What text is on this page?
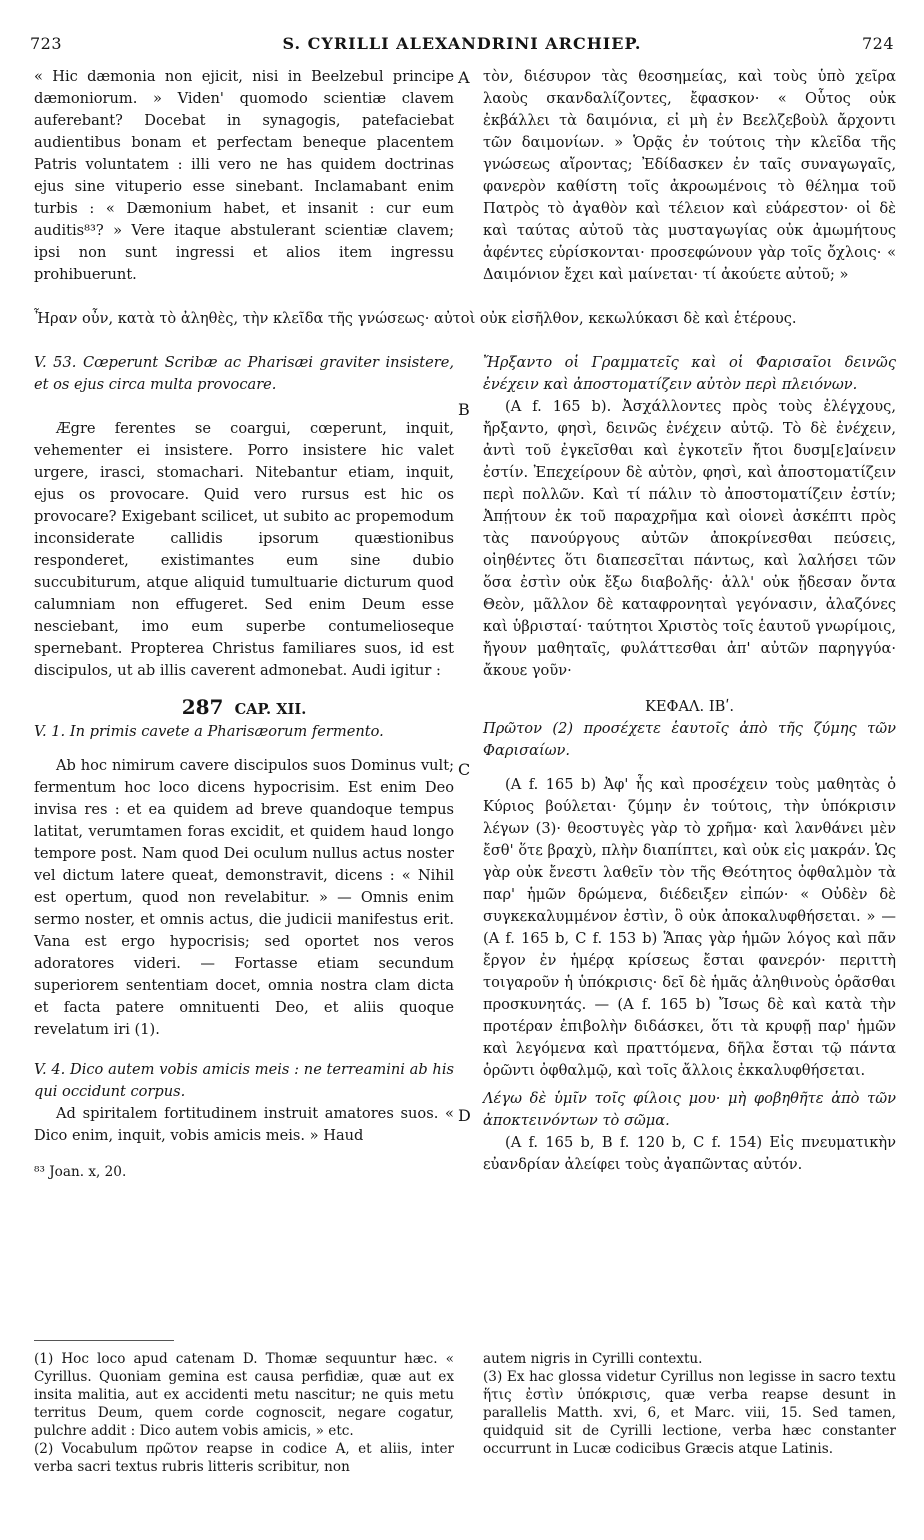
723	S. CYRILLI ALEXANDRINI ARCHIEP.	724
A
B
C
D

« Hic dæmonia non ejicit, nisi in Beelzebul principe dæmoniorum. » Viden' quomodo scientiæ clavem auferebant? Docebat in synagogis, patefaciebat audientibus bonam et perfectam beneque placentem Patris voluntatem : illi vero ne has quidem doctrinas ejus sine vituperio esse sinebant. Inclamabant enim turbis : « Dæmonium habet, et insanit : cur eum auditis⁸³? » Vere itaque abstulerant scientiæ clavem; ipsi non sunt ingressi et alios item ingressu prohibuerunt.

τὸν, διέσυρον τὰς θεοσημείας, καὶ τοὺς ὑπὸ χεῖρα λαοὺς σκανδαλίζοντες, ἔφασκον· « Οὗτος οὐκ ἐκβάλλει τὰ δαιμόνια, εἰ μὴ ἐν Βεελζεβοὺλ ἄρχοντι τῶν δαιμονίων. » Ὁρᾷς ἐν τούτοις τὴν κλεῖδα τῆς γνώσεως αἴροντας; Ἐδίδασκεν ἐν ταῖς συναγωγαῖς, φανερὸν καθίστη τοῖς ἀκροωμένοις τὸ θέλημα τοῦ Πατρὸς τὸ ἀγαθὸν καὶ τέλειον καὶ εὐάρεστον· οἱ δὲ καὶ ταύτας αὐτοῦ τὰς μυσταγωγίας οὐκ ἀμωμήτους ἀφέντες εὑρίσκονται· προσεφώνουν γὰρ τοῖς ὄχλοις· « Δαιμόνιον ἔχει καὶ μαίνεται· τί ἀκούετε αὐτοῦ; »

Ἦραν οὖν, κατὰ τὸ ἀληθὲς, τὴν κλεῖδα τῆς γνώσεως· αὐτοὶ οὐκ εἰσῆλθον, κεκωλύκασι δὲ καὶ ἑτέρους.

V. 53. Cœperunt Scribæ ac Pharisæi graviter insistere, et os ejus circa multa provocare.

Ægre ferentes se coargui, cœperunt, inquit, vehementer ei insistere. Porro insistere hic valet urgere, irasci, stomachari. Nitebantur etiam, inquit, ejus os provocare. Quid vero rursus est hic os provocare? Exigebant scilicet, ut subito ac propemodum inconsiderate callidis ipsorum quæstionibus responderet, existimantes eum sine dubio succubiturum, atque aliquid tumultuarie dicturum quod calumniam non effugeret. Sed enim Deum esse nesciebant, imo eum superbe contumelioseque spernebant. Propterea Christus familiares suos, id est discipulos, ut ab illis caverent admonebat. Audi igitur :

287 CAP. XII.

V. 1. In primis cavete a Pharisæorum fermento.

Ab hoc nimirum cavere discipulos suos Dominus vult; fermentum hoc loco dicens hypocrisim. Est enim Deo invisa res : et ea quidem ad breve quandoque tempus latitat, verumtamen foras excidit, et quidem haud longo tempore post. Nam quod Dei oculum nullus actus noster vel dictum latere queat, demonstravit, dicens : « Nihil est opertum, quod non revelabitur. » — Omnis enim sermo noster, et omnis actus, die judicii manifestus erit. Vana est ergo hypocrisis; sed oportet nos veros adoratores videri. — Fortasse etiam secundum superiorem sententiam docet, omnia nostra clam dicta et facta patere omnituenti Deo, et aliis quoque revelatum iri (1).

V. 4. Dico autem vobis amicis meis : ne terreamini ab his qui occidunt corpus.

Ad spiritalem fortitudinem instruit amatores suos. « Dico enim, inquit, vobis amicis meis. » Haud

⁸³ Joan. x, 20.

Ἤρξαντο οἱ Γραμματεῖς καὶ οἱ Φαρισαῖοι δεινῶς ἐνέχειν καὶ ἀποστοματίζειν αὐτὸν περὶ πλειόνων.

(A f. 165 b). Ἀσχάλλοντες πρὸς τοὺς ἐλέγχους, ἤρξαντο, φησὶ, δεινῶς ἐνέχειν αὐτῷ. Τὸ δὲ ἐνέχειν, ἀντὶ τοῦ ἐγκεῖσθαι καὶ ἐγκοτεῖν ἤτοι δυσμ[ε]αίνειν ἐστίν. Ἐπεχείρουν δὲ αὐτὸν, φησὶ, καὶ ἀποστοματίζειν περὶ πολλῶν. Καὶ τί πάλιν τὸ ἀποστοματίζειν ἐστίν; Ἀπῄτουν ἐκ τοῦ παραχρῆμα καὶ οἱονεὶ ἀσκέπτι πρὸς τὰς πανούργους αὐτῶν ἀποκρίνεσθαι πεύσεις, οἰηθέντες ὅτι διαπεσεῖται πάντως, καὶ λαλήσει τῶν ὅσα ἐστὶν οὐκ ἔξω διαβολῆς· ἀλλ' οὐκ ᾔδεσαν ὄντα Θεὸν, μᾶλλον δὲ καταφρονηταὶ γεγόνασιν, ἀλαζόνες καὶ ὑβρισταί· ταύτητοι Χριστὸς τοῖς ἑαυτοῦ γνωρίμοις, ἤγουν μαθηταῖς, φυλάττεσθαι ἀπ' αὐτῶν παρηγγύα· ἄκουε γοῦν·

ΚΕΦΑΛ. ΙΒʹ.

Πρῶτον (2) προσέχετε ἑαυτοῖς ἀπὸ τῆς ζύμης τῶν Φαρισαίων.

(A f. 165 b) Ἀφ' ἧς καὶ προσέχειν τοὺς μαθητὰς ὁ Κύριος βούλεται· ζύμην ἐν τούτοις, τὴν ὑπόκρισιν λέγων (3)· θεοστυγὲς γὰρ τὸ χρῆμα· καὶ λανθάνει μὲν ἔσθ' ὅτε βραχὺ, πλὴν διαπίπτει, καὶ οὐκ εἰς μακράν. Ὡς γὰρ οὐκ ἔνεστι λαθεῖν τὸν τῆς Θεότητος ὀφθαλμὸν τὰ παρ' ἡμῶν δρώμενα, διέδειξεν εἰπών· « Οὐδὲν δὲ συγκεκαλυμμένον ἐστὶν, ὃ οὐκ ἀποκαλυφθήσεται. » — (A f. 165 b, C f. 153 b) Ἅπας γὰρ ἡμῶν λόγος καὶ πᾶν ἔργον ἐν ἡμέρᾳ κρίσεως ἔσται φανερόν· περιττὴ τοιγαροῦν ἡ ὑπόκρισις· δεῖ δὲ ἡμᾶς ἀληθινοὺς ὁρᾶσθαι προσκυνητάς. — (A f. 165 b) Ἴσως δὲ καὶ κατὰ τὴν προτέραν ἐπιβολὴν διδάσκει, ὅτι τὰ κρυφῇ παρ' ἡμῶν καὶ λεγόμενα καὶ πραττόμενα, δῆλα ἔσται τῷ πάντα ὁρῶντι ὀφθαλμῷ, καὶ τοῖς ἄλλοις ἐκκαλυφθήσεται.

Λέγω δὲ ὑμῖν τοῖς φίλοις μου· μὴ φοβηθῆτε ἀπὸ τῶν ἀποκτεινόντων τὸ σῶμα.

(A f. 165 b, B f. 120 b, C f. 154) Εἰς πνευματικὴν εὐανδρίαν ἀλείφει τοὺς ἀγαπῶντας αὐτόν.

(1) Hoc loco apud catenam D. Thomæ sequuntur hæc. « Cyrillus. Quoniam gemina est causa perfidiæ, quæ aut ex insita malitia, aut ex accidenti metu nascitur; ne quis metu territus Deum, quem corde cognoscit, negare cogatur, pulchre addit : Dico autem vobis amicis, » etc.

(2) Vocabulum πρῶτον reapse in codice A, et aliis, inter verba sacri textus rubris litteris scribitur, non

autem nigris in Cyrilli contextu.

(3) Ex hac glossa videtur Cyrillus non legisse in sacro textu ἥτις ἐστὶν ὑπόκρισις, quæ verba reapse desunt in parallelis Matth. xvi, 6, et Marc. viii, 15. Sed tamen, quidquid sit de Cyrilli lectione, verba hæc constanter occurrunt in Lucæ codicibus Græcis atque Latinis.
